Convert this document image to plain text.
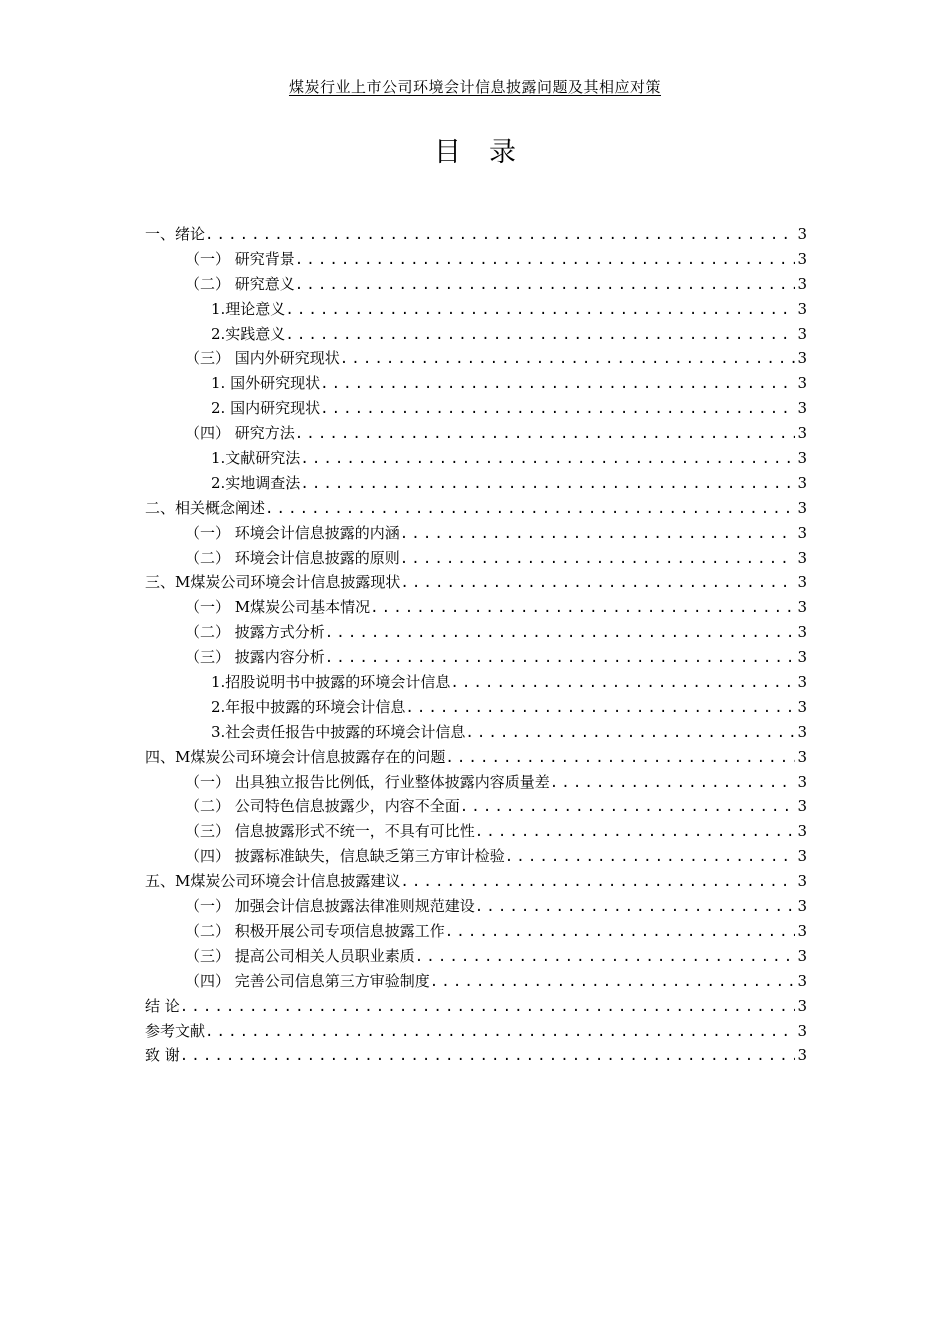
煤炭行业上市公司环境会计信息披露问题及其相应对策
目录
一、绪论 .....	3
（一） 研究背景 .....	3
（二） 研究意义 .....	3
1.理论意义 .....	3
2.实践意义 .....	3
（三） 国内外研究现状 .....	3
1. 国外研究现状 .....	3
2. 国内研究现状 .....	3
（四） 研究方法 .....	3
1.文献研究法 .....	3
2.实地调查法 .....	3
二、相关概念阐述 .....	3
（一） 环境会计信息披露的内涵 .....	3
（二） 环境会计信息披露的原则 .....	3
三、M煤炭公司环境会计信息披露现状 .....	3
（一） M煤炭公司基本情况 .....	3
（二） 披露方式分析 .....	3
（三） 披露内容分析 .....	3
1.招股说明书中披露的环境会计信息 .....	3
2.年报中披露的环境会计信息 .....	3
3.社会责任报告中披露的环境会计信息 .....	3
四、M煤炭公司环境会计信息披露存在的问题 .....	3
（一） 出具独立报告比例低，行业整体披露内容质量差 .....	3
（二） 公司特色信息披露少，内容不全面 .....	3
（三） 信息披露形式不统一，不具有可比性 .....	3
（四） 披露标准缺失，信息缺乏第三方审计检验 .....	3
五、M煤炭公司环境会计信息披露建议 .....	3
（一） 加强会计信息披露法律准则规范建设 .....	3
（二） 积极开展公司专项信息披露工作 .....	3
（三） 提高公司相关人员职业素质 .....	3
（四） 完善公司信息第三方审验制度 .....	3
结 论 .....	3
参考文献 .....	3
致 谢 .....	3
